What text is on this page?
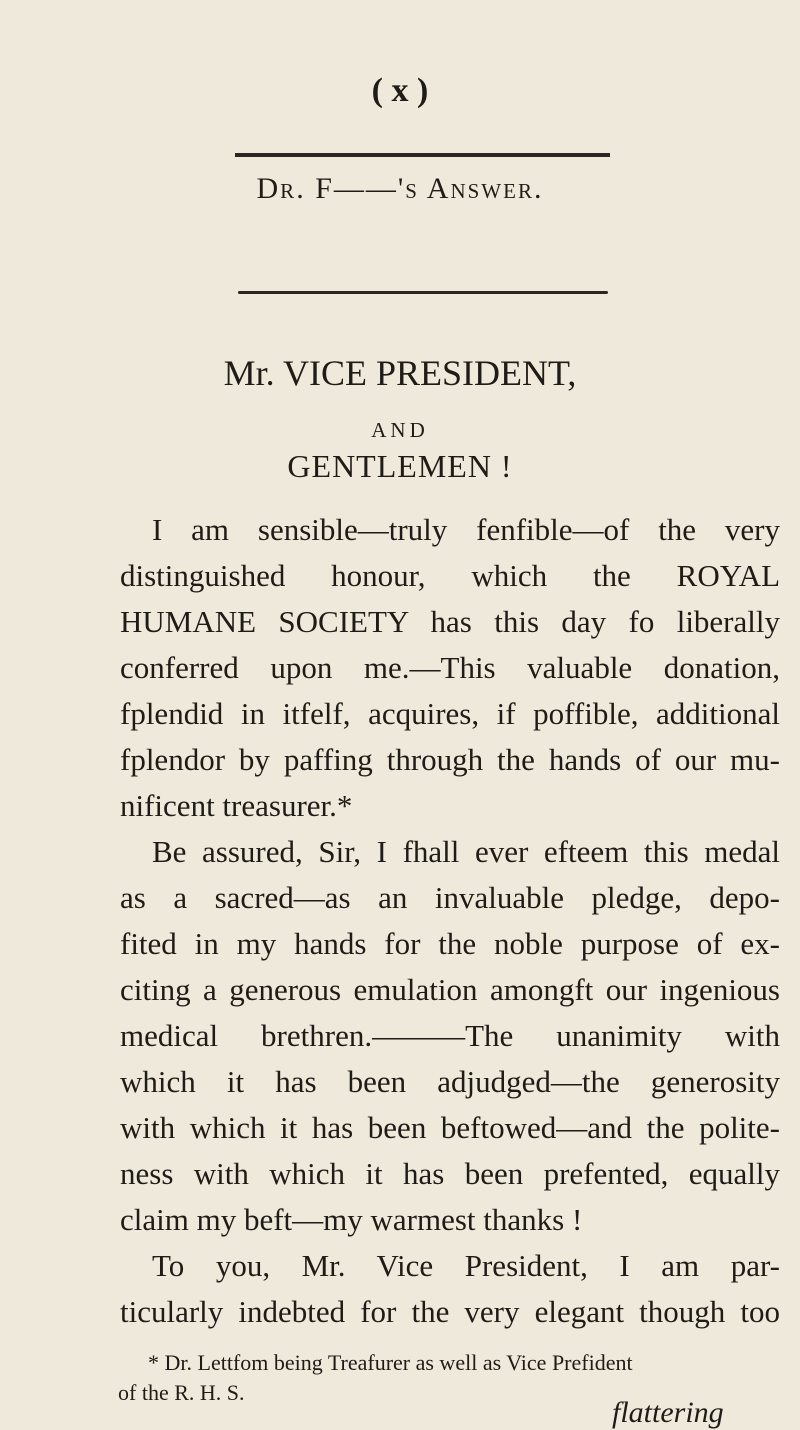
( x )
Dr. F——'s Answer.
Mr. VICE PRESIDENT,
AND
GENTLEMEN !
I am sensible—truly fenfible—of the very
distinguished honour, which the ROYAL
HUMANE SOCIETY has this day fo liberally
conferred upon me.—This valuable donation,
fplendid in itfelf, acquires, if poffible, additional
fplendor by paffing through the hands of our mu-
nificent treasurer.*
Be assured, Sir, I fhall ever efteem this medal
as a sacred—as an invaluable pledge, depo-
fited in my hands for the noble purpose of ex-
citing a generous emulation amongft our ingenious
medical brethren.———The unanimity with
which it has been adjudged—the generosity
with which it has been beftowed—and the polite-
ness with which it has been prefented, equally
claim my beft—my warmest thanks !
To you, Mr. Vice President, I am par-
ticularly indebted for the very elegant though too
* Dr. Lettfom being Treafurer as well as Vice Prefident
of the R. H. S.
flattering
